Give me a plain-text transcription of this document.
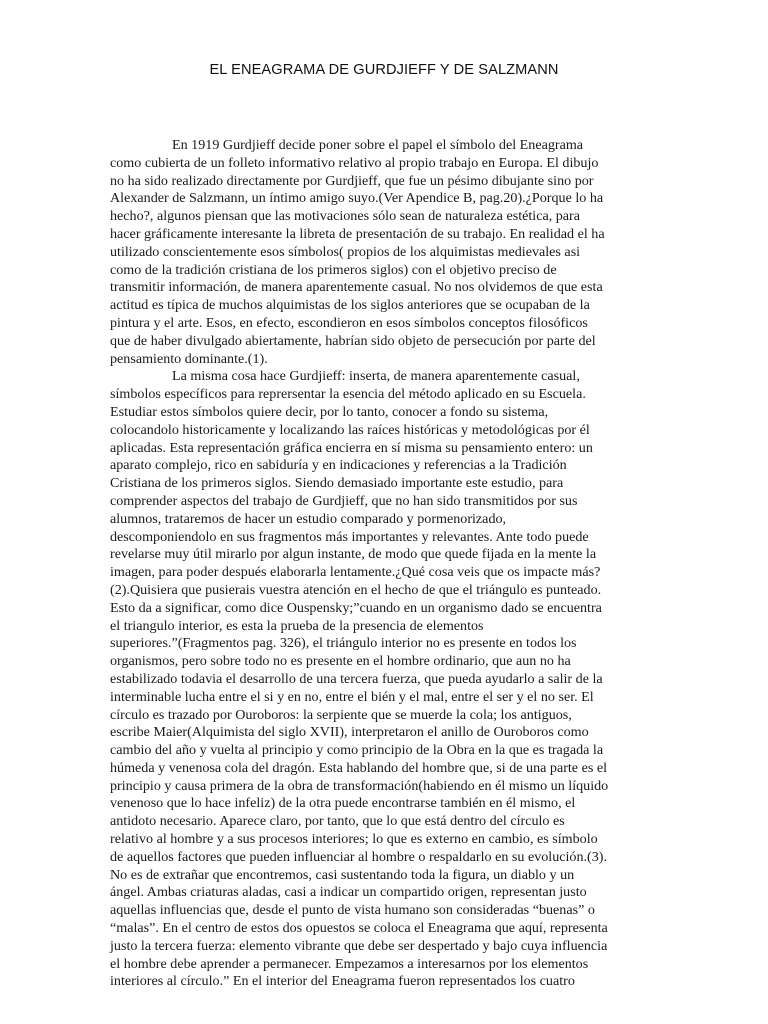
EL ENEAGRAMA DE GURDJIEFF Y DE SALZMANN
En 1919 Gurdjieff decide poner sobre el papel el símbolo del Eneagrama
como cubierta de un folleto informativo relativo al propio trabajo en Europa. El dibujo
no ha sido realizado directamente por Gurdjieff, que fue un pésimo dibujante sino por
Alexander de Salzmann, un íntimo amigo suyo.(Ver Apendice B, pag.20).¿Porque lo ha
hecho?, algunos piensan que las motivaciones sólo sean de naturaleza estética, para
hacer gráficamente interesante la libreta de presentación de su trabajo. En realidad el ha
utilizado conscientemente esos símbolos( propios de los alquimistas medievales asi
como de la tradición cristiana de los primeros siglos) con el objetivo preciso de
transmitir información, de manera aparentemente casual. No nos olvidemos de que esta
actitud es típica de muchos alquimistas de los siglos anteriores que se ocupaban de la
pintura y el arte. Esos, en efecto, escondieron en esos símbolos conceptos filosóficos
que de haber divulgado abiertamente, habrían sido objeto de persecución por parte del
pensamiento dominante.(1).
La misma cosa hace Gurdjieff: inserta, de manera aparentemente casual,
símbolos específicos para reprersentar la esencia del método aplicado en su Escuela.
Estudiar estos símbolos quiere decir, por lo tanto, conocer a fondo su sistema,
colocandolo historicamente y localizando las raíces históricas y metodológicas por él
aplicadas. Esta representación gráfica encierra en sí misma su pensamiento entero: un
aparato complejo, rico en sabiduría y en indicaciones y referencias a la Tradición
Cristiana de los primeros siglos. Siendo demasiado importante este estudio, para
comprender aspectos del trabajo de Gurdjieff, que no han sido transmitidos por sus
alumnos, trataremos de hacer un estudio comparado y pormenorizado,
descomponiendolo en sus fragmentos más importantes y relevantes. Ante todo puede
revelarse muy útil mirarlo por algun instante, de modo que quede fijada en la mente la
imagen, para poder después elaborarla lentamente.¿Qué cosa veis que os impacte más?
(2).Quisiera que pusierais vuestra atención en el hecho de que el triángulo es punteado.
Esto da a significar, como dice Ouspensky;”cuando en un organismo dado se encuentra
el triangulo interior, es esta la prueba de la presencia de elementos
superiores.”(Fragmentos pag. 326), el triángulo interior no es presente en todos los
organismos, pero sobre todo no es presente en el hombre ordinario, que aun no ha
estabilizado todavia el desarrollo de una tercera fuerza, que pueda ayudarlo a salir de la
interminable lucha entre el si y en no, entre el bién y el mal, entre el ser y el no ser. El
círculo es trazado por Ouroboros: la serpiente que se muerde la cola; los antiguos,
escribe Maier(Alquimista del siglo XVII), interpretaron el anillo de Ouroboros como
cambio del año y vuelta al principio y como principio de la Obra en la que es tragada la
húmeda y venenosa cola del dragón. Esta hablando del hombre que, si de una parte es el
principio y causa primera de la obra de transformación(habiendo en él mismo un líquido
venenoso que lo hace infeliz) de la otra puede encontrarse también en él mismo, el
antidoto necesario. Aparece claro, por tanto, que lo que está dentro del círculo es
relativo al hombre y a sus procesos interiores; lo que es externo en cambio, es símbolo
de aquellos factores que pueden influenciar al hombre o respaldarlo en su evolución.(3).
No es de extrañar que encontremos, casi sustentando toda la figura, un diablo y un
ángel. Ambas criaturas aladas, casi a indicar un compartido origen, representan justo
aquellas influencias que, desde el punto de vista humano son consideradas “buenas” o
“malas”. En el centro de estos dos opuestos se coloca el Eneagrama que aquí, representa
justo la tercera fuerza: elemento vibrante que debe ser despertado y bajo cuya influencia
el hombre debe aprender a permanecer. Empezamos a interesarnos por los elementos
interiores al círculo.” En el interior del Eneagrama fueron representados los cuatro
